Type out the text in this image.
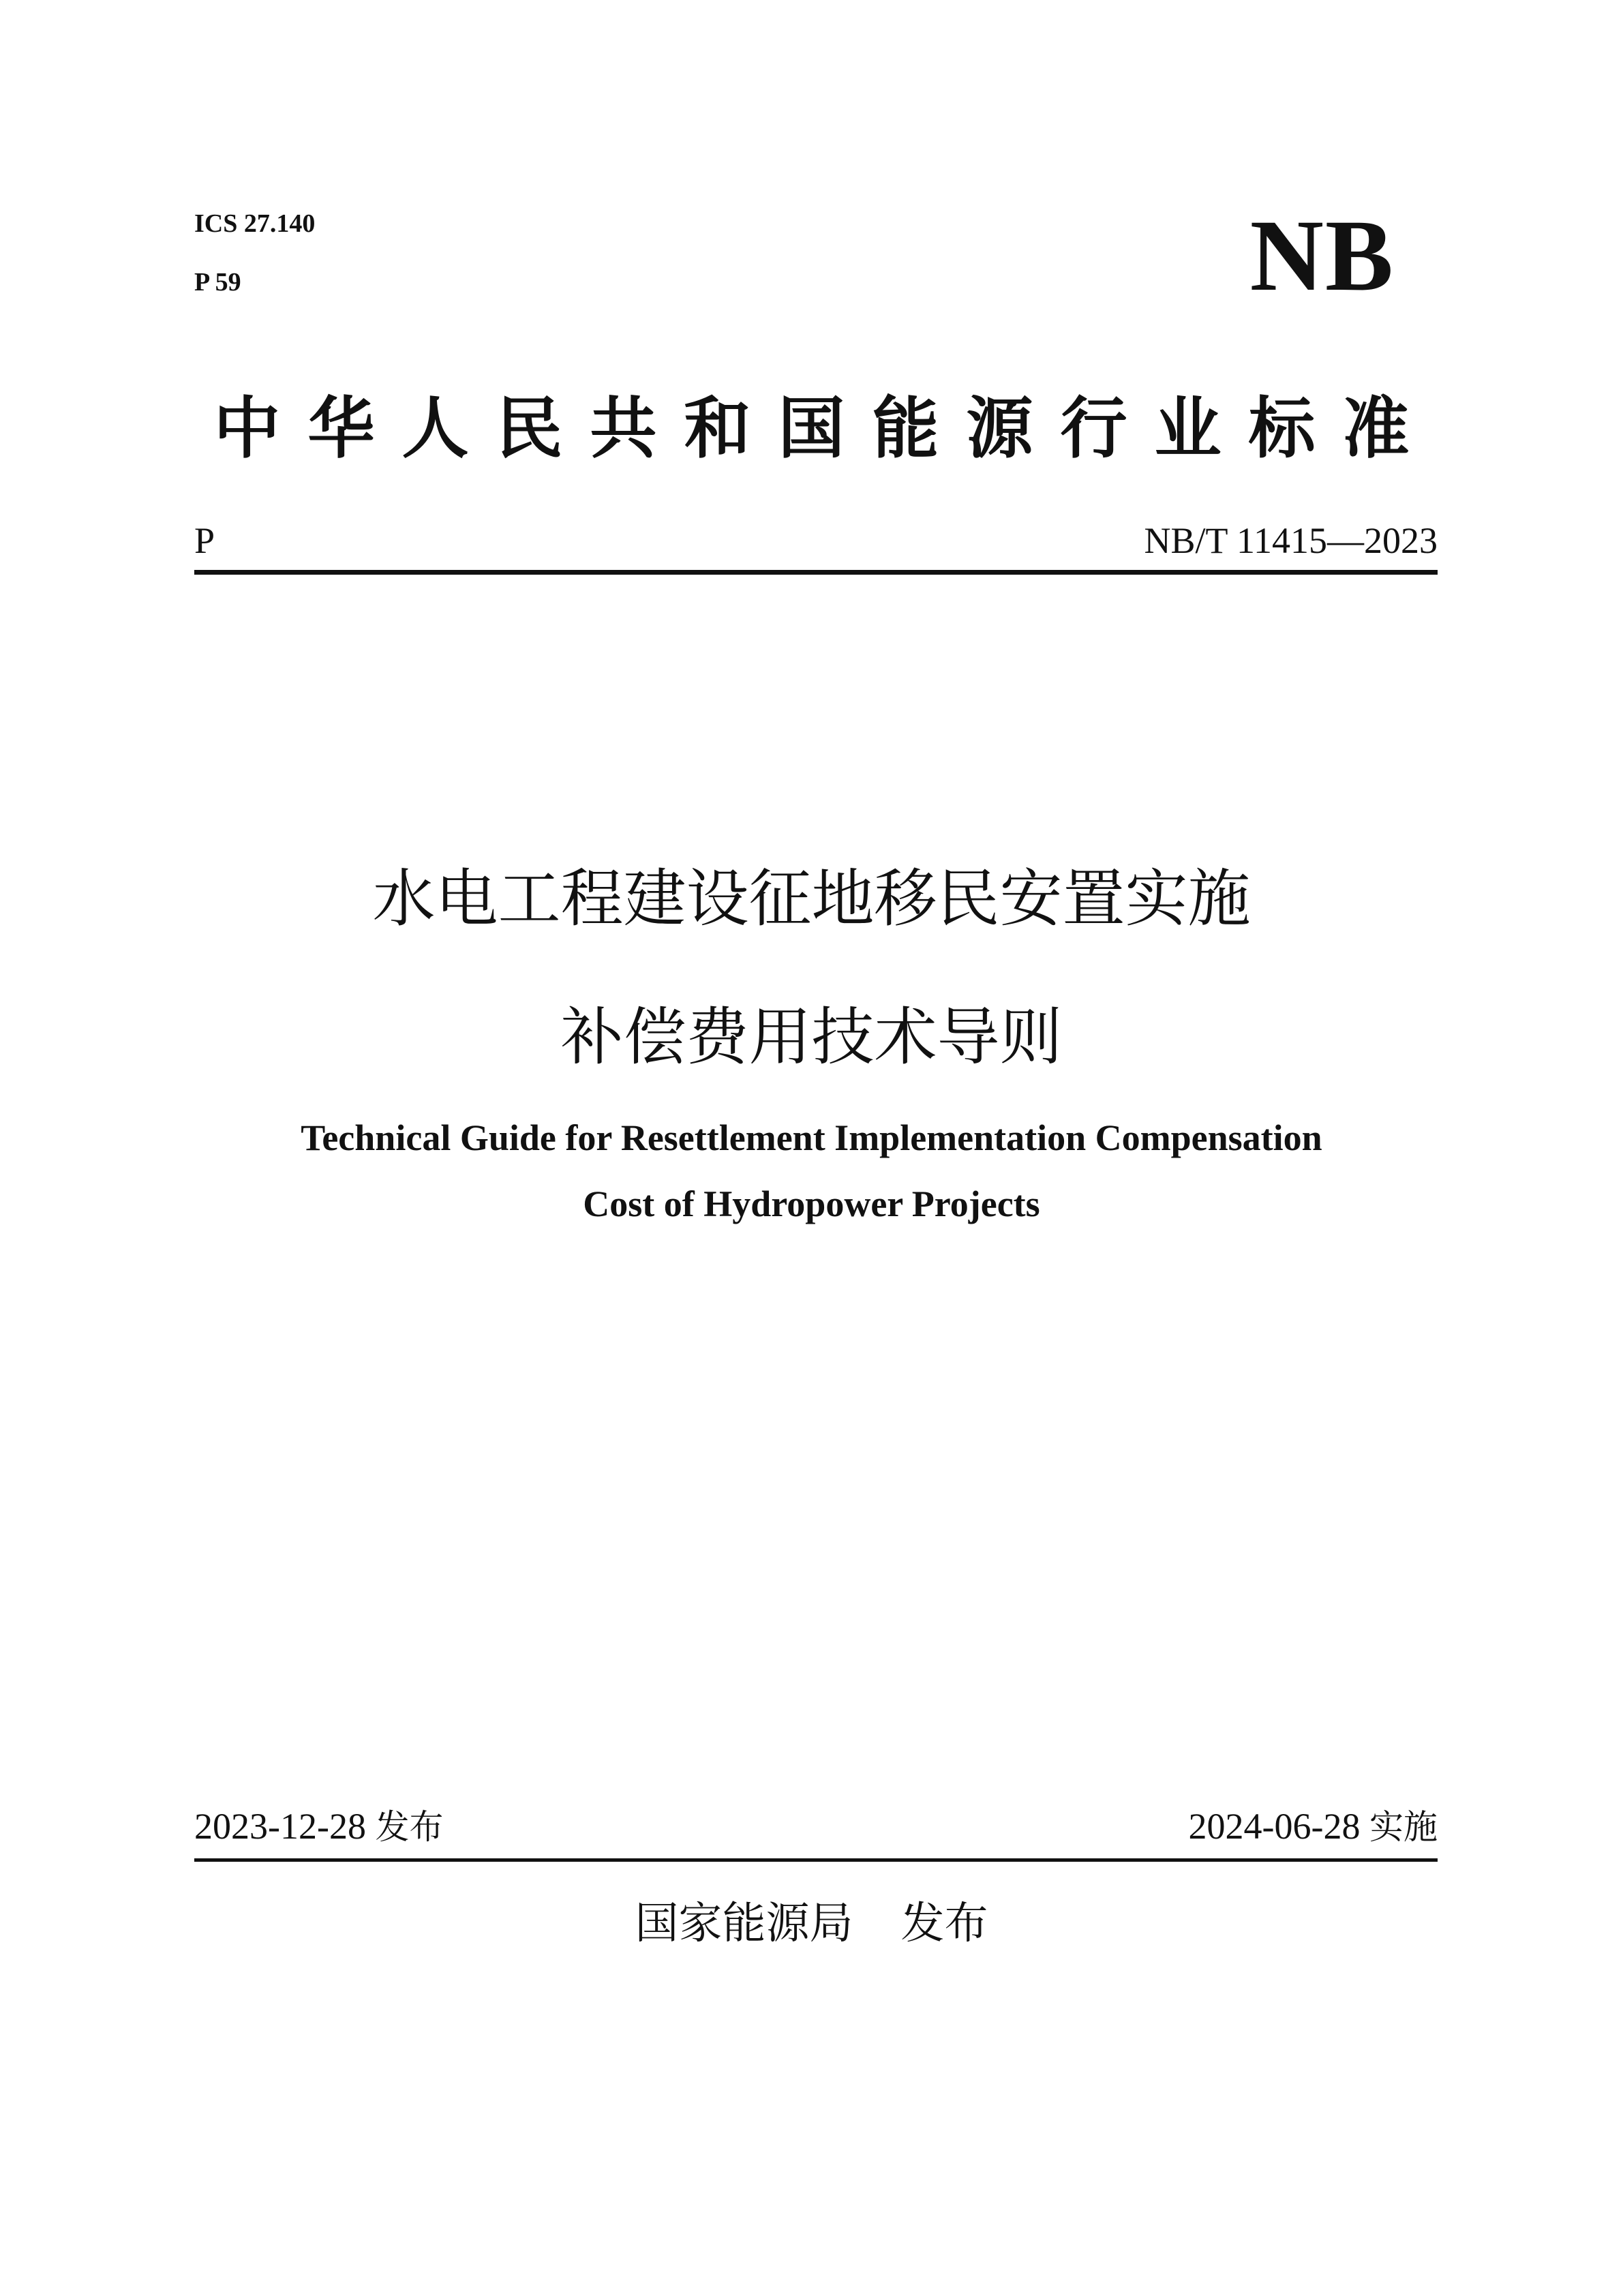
ICS 27.140
P 59	NB
中华人民共和国能源行业标准
P	NB/T 11415—2023
水电工程建设征地移民安置实施
补偿费用技术导则
Technical Guide for Resettlement Implementation Compensation
Cost of Hydropower Projects
2023-12-28 发布	2024-06-28 实施
国家能源局 发布
